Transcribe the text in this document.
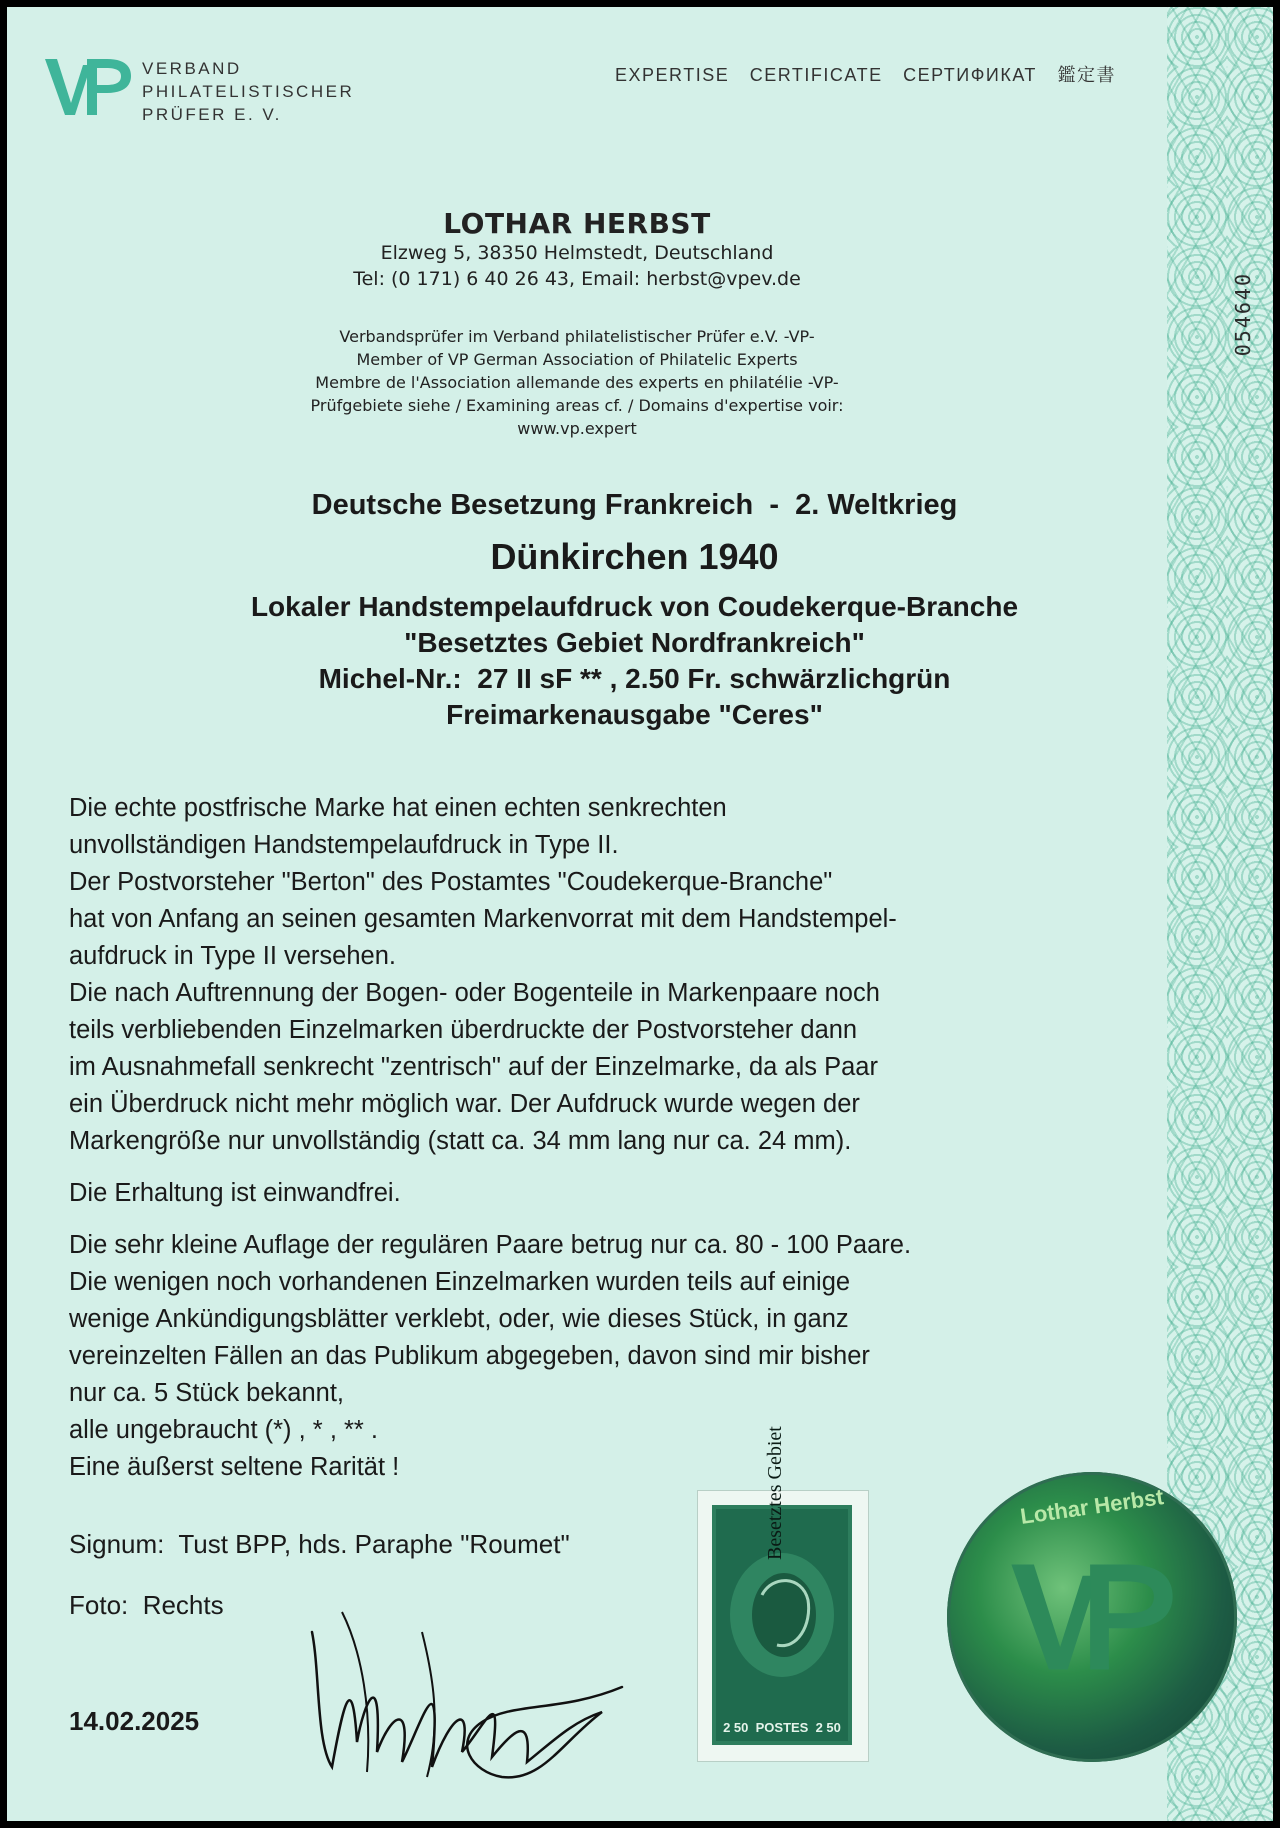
054640
VERBAND
PHILATELISTISCHER
PRÜFER E. V.
EXPERTISE CERTIFICATE СЕРТИФИКАТ 鑑定書
LOTHAR HERBST
Elzweg 5, 38350 Helmstedt, Deutschland
Tel: (0 171) 6 40 26 43, Email: herbst@vpev.de
Verbandsprüfer im Verband philatelistischer Prüfer e.V. -VP-
Member of VP German Association of Philatelic Experts
Membre de l'Association allemande des experts en philatélie -VP-
Prüfgebiete siehe / Examining areas cf. / Domains d'expertise voir:
www.vp.expert
Deutsche Besetzung Frankreich  -  2. Weltkrieg
Dünkirchen 1940
Lokaler Handstempelaufdruck von Coudekerque-Branche
"Besetztes Gebiet Nordfrankreich"
Michel-Nr.:  27 II sF ** , 2.50 Fr. schwärzlichgrün
Freimarkenausgabe "Ceres"

Die echte postfrische Marke hat einen echten senkrechten

unvollständigen Handstempelaufdruck in Type II.

Der Postvorsteher "Berton" des Postamtes "Coudekerque-Branche"

hat von Anfang an seinen gesamten Markenvorrat mit dem Handstempel-

aufdruck in Type II versehen.

Die nach Auftrennung der Bogen- oder Bogenteile in Markenpaare noch

teils verbliebenden Einzelmarken überdruckte der Postvorsteher dann

im Ausnahmefall senkrecht "zentrisch" auf der Einzelmarke, da als Paar

ein Überdruck nicht mehr möglich war. Der Aufdruck wurde wegen der

Markengröße nur unvollständig (statt ca. 34 mm lang nur ca. 24 mm).

Die Erhaltung ist einwandfrei.

Die sehr kleine Auflage der regulären Paare betrug nur ca. 80 - 100 Paare.

Die wenigen noch vorhandenen Einzelmarken wurden teils auf einige

wenige Ankündigungsblätter verklebt, oder, wie dieses Stück, in ganz

vereinzelten Fällen an das Publikum abgegeben, davon sind mir bisher

nur ca. 5 Stück bekannt,

alle ungebraucht (*) , * , ** .

Eine äußerst seltene Rarität !

Signum:  Tust BPP, hds. Paraphe "Roumet"
Foto:  Rechts
14.02.2025
Besetztes Gebiet
2 50  POSTES  2 50
Lothar Herbst
